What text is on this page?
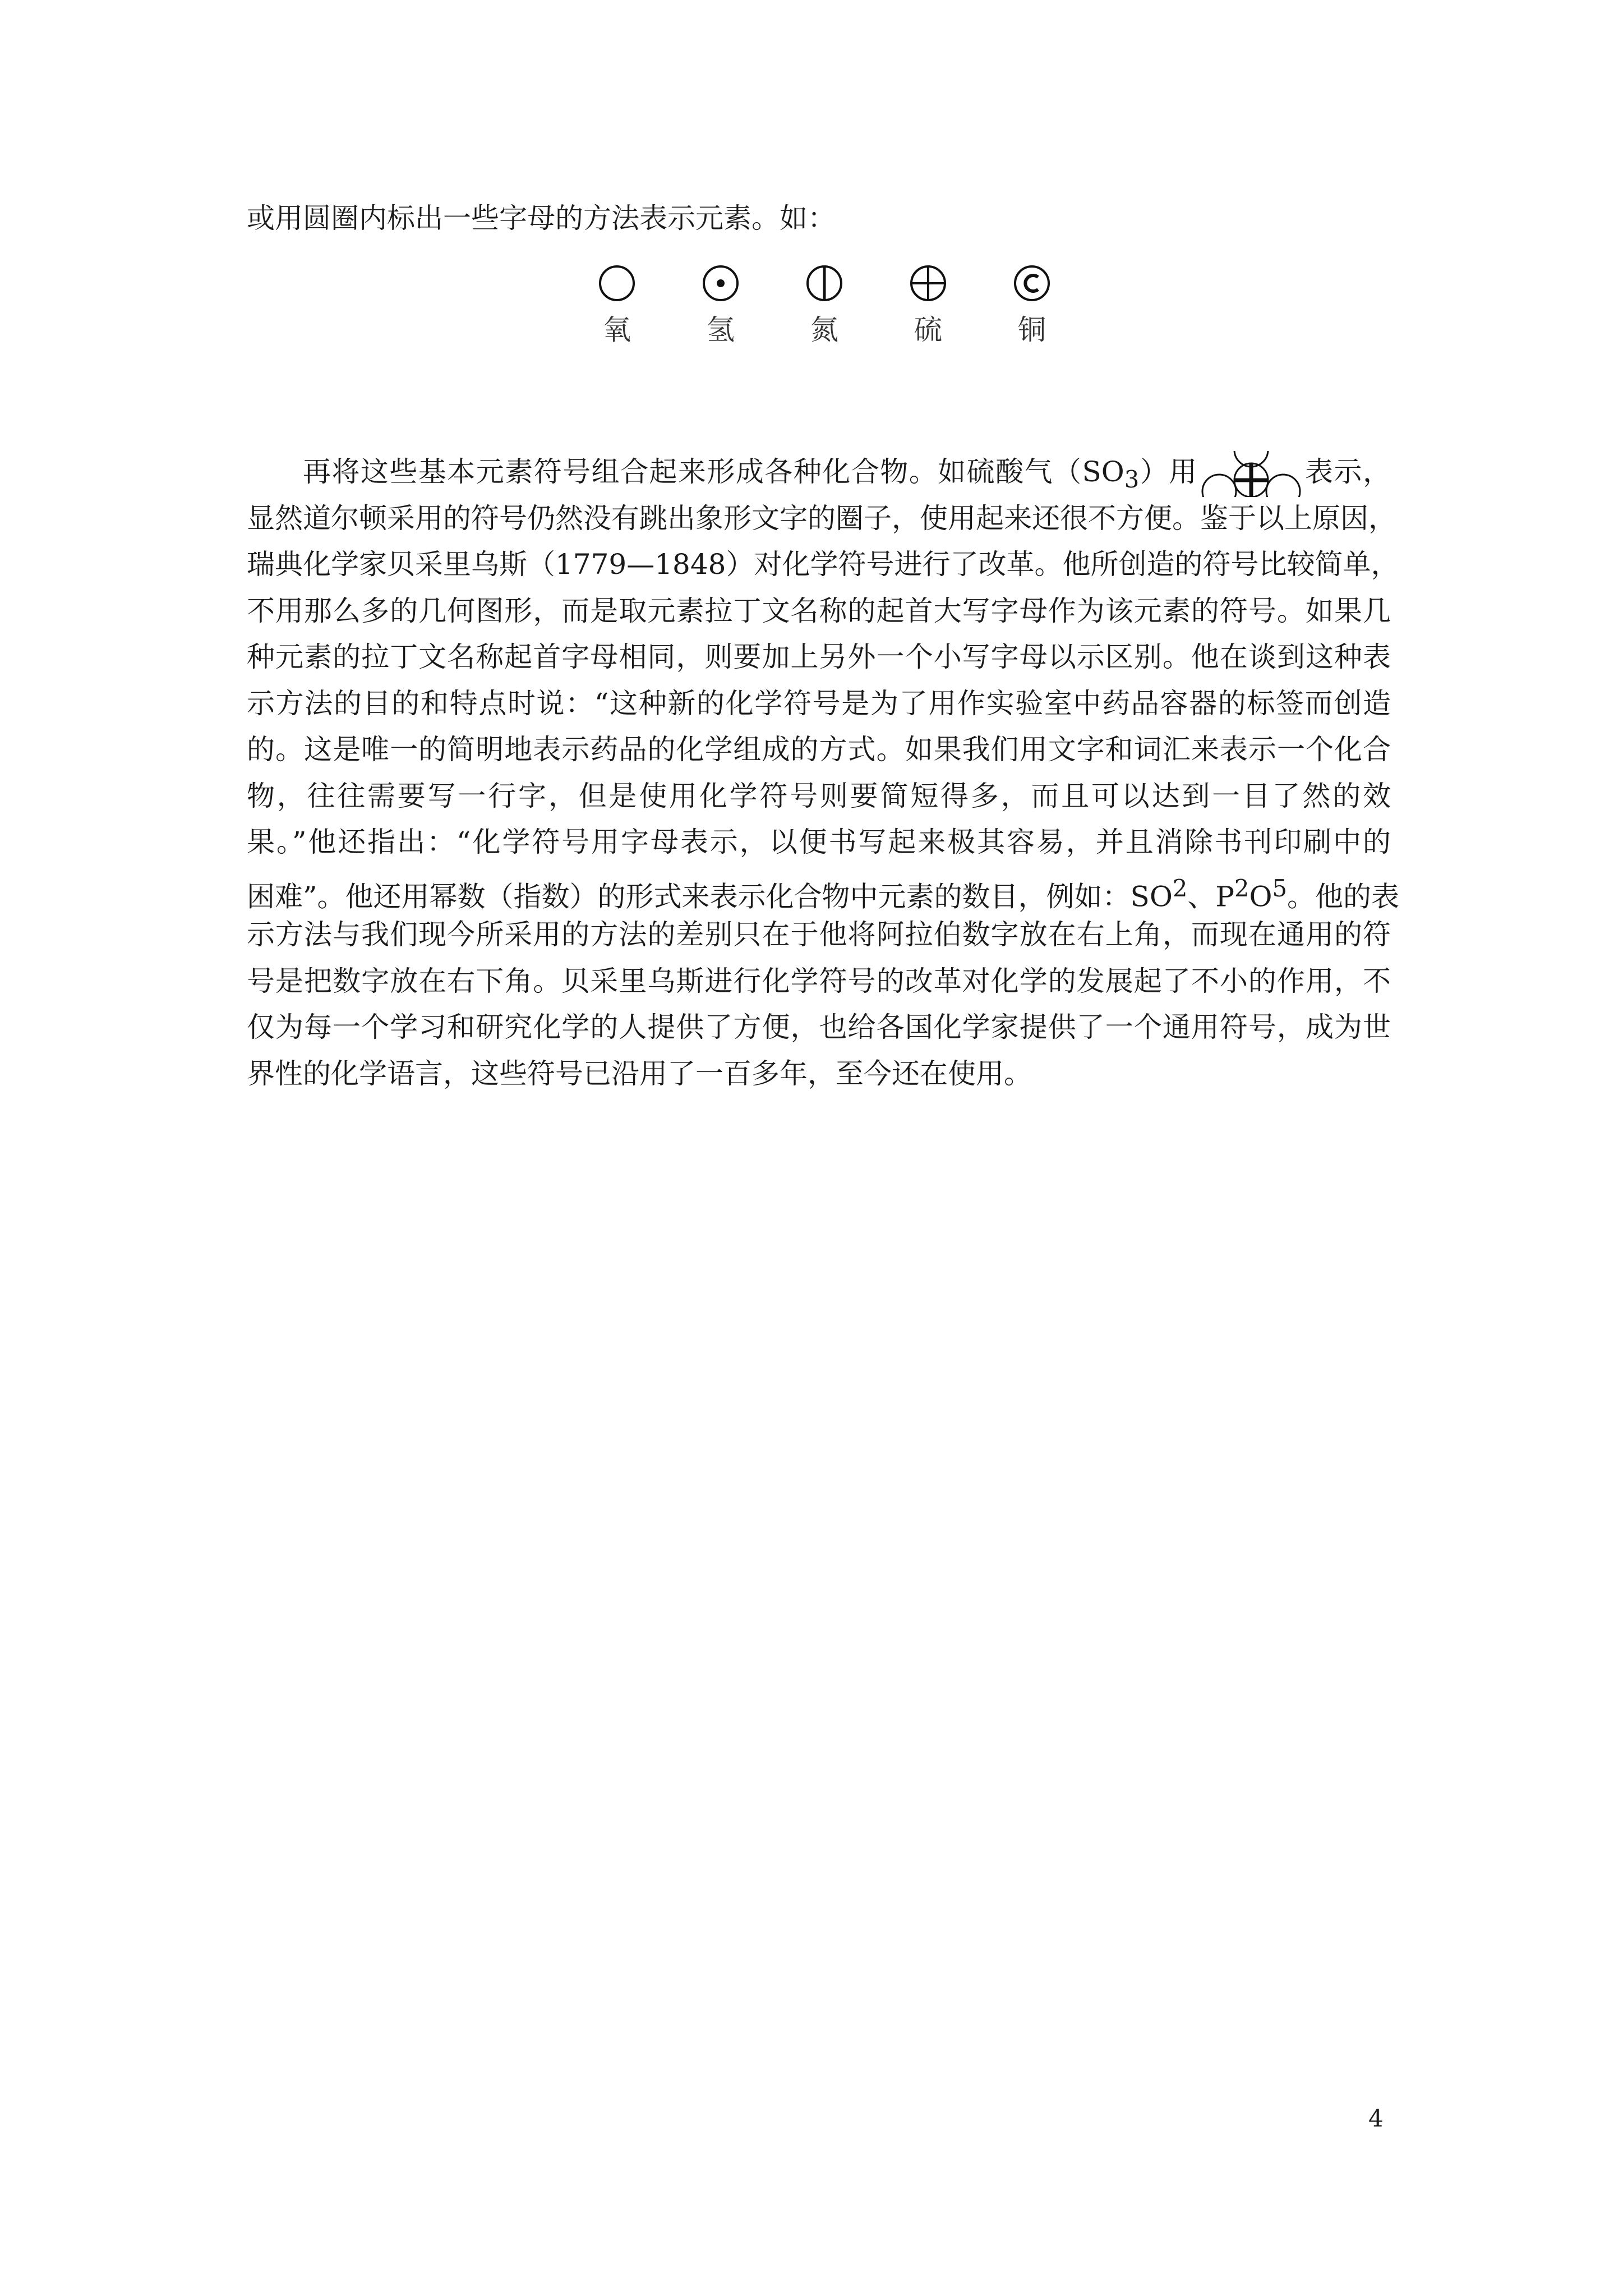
或用圆圈内标出一些字母的方法表示元素。如：

氧	氢	氮	硫	铜

再将这些基本元素符号组合起来形成各种化合物。如硫酸气$(SO_3)$用	表示，
显然道尔顿采用的符号仍然没有跳出象形文字的圈子，使用起来还很不方便。鉴于以上原因，
瑞典化学家贝采里乌斯（1779—1848）对化学符号进行了改革。他所创造的符号比较简单，
不用那么多的几何图形，而是取元素拉丁文名称的起首大写字母作为该元素的符号。如果几
种元素的拉丁文名称起首字母相同，则要加上另外一个小写字母以示区别。他在谈到这种表
示方法的目的和特点时说：“这种新的化学符号是为了用作实验室中药品容器的标签而创造
的。这是唯一的简明地表示药品的化学组成的方式。如果我们用文字和词汇来表示一个化合
物，往往需要写一行字，但是使用化学符号则要简短得多，而且可以达到一目了然的效
果。”他还指出：“化学符号用字母表示，以便书写起来极其容易，并且消除书刊印刷中的
困难”。他还用幂数（指数）的形式来表示化合物中元素的数目，例如：$SO^2$、$P^2O^5$。他的表
示方法与我们现今所采用的方法的差别只在于他将阿拉伯数字放在右上角，而现在通用的符
号是把数字放在右下角。贝采里乌斯进行化学符号的改革对化学的发展起了不小的作用，不
仅为每一个学习和研究化学的人提供了方便，也给各国化学家提供了一个通用符号，成为世
界性的化学语言，这些符号已沿用了一百多年，至今还在使用。

4
